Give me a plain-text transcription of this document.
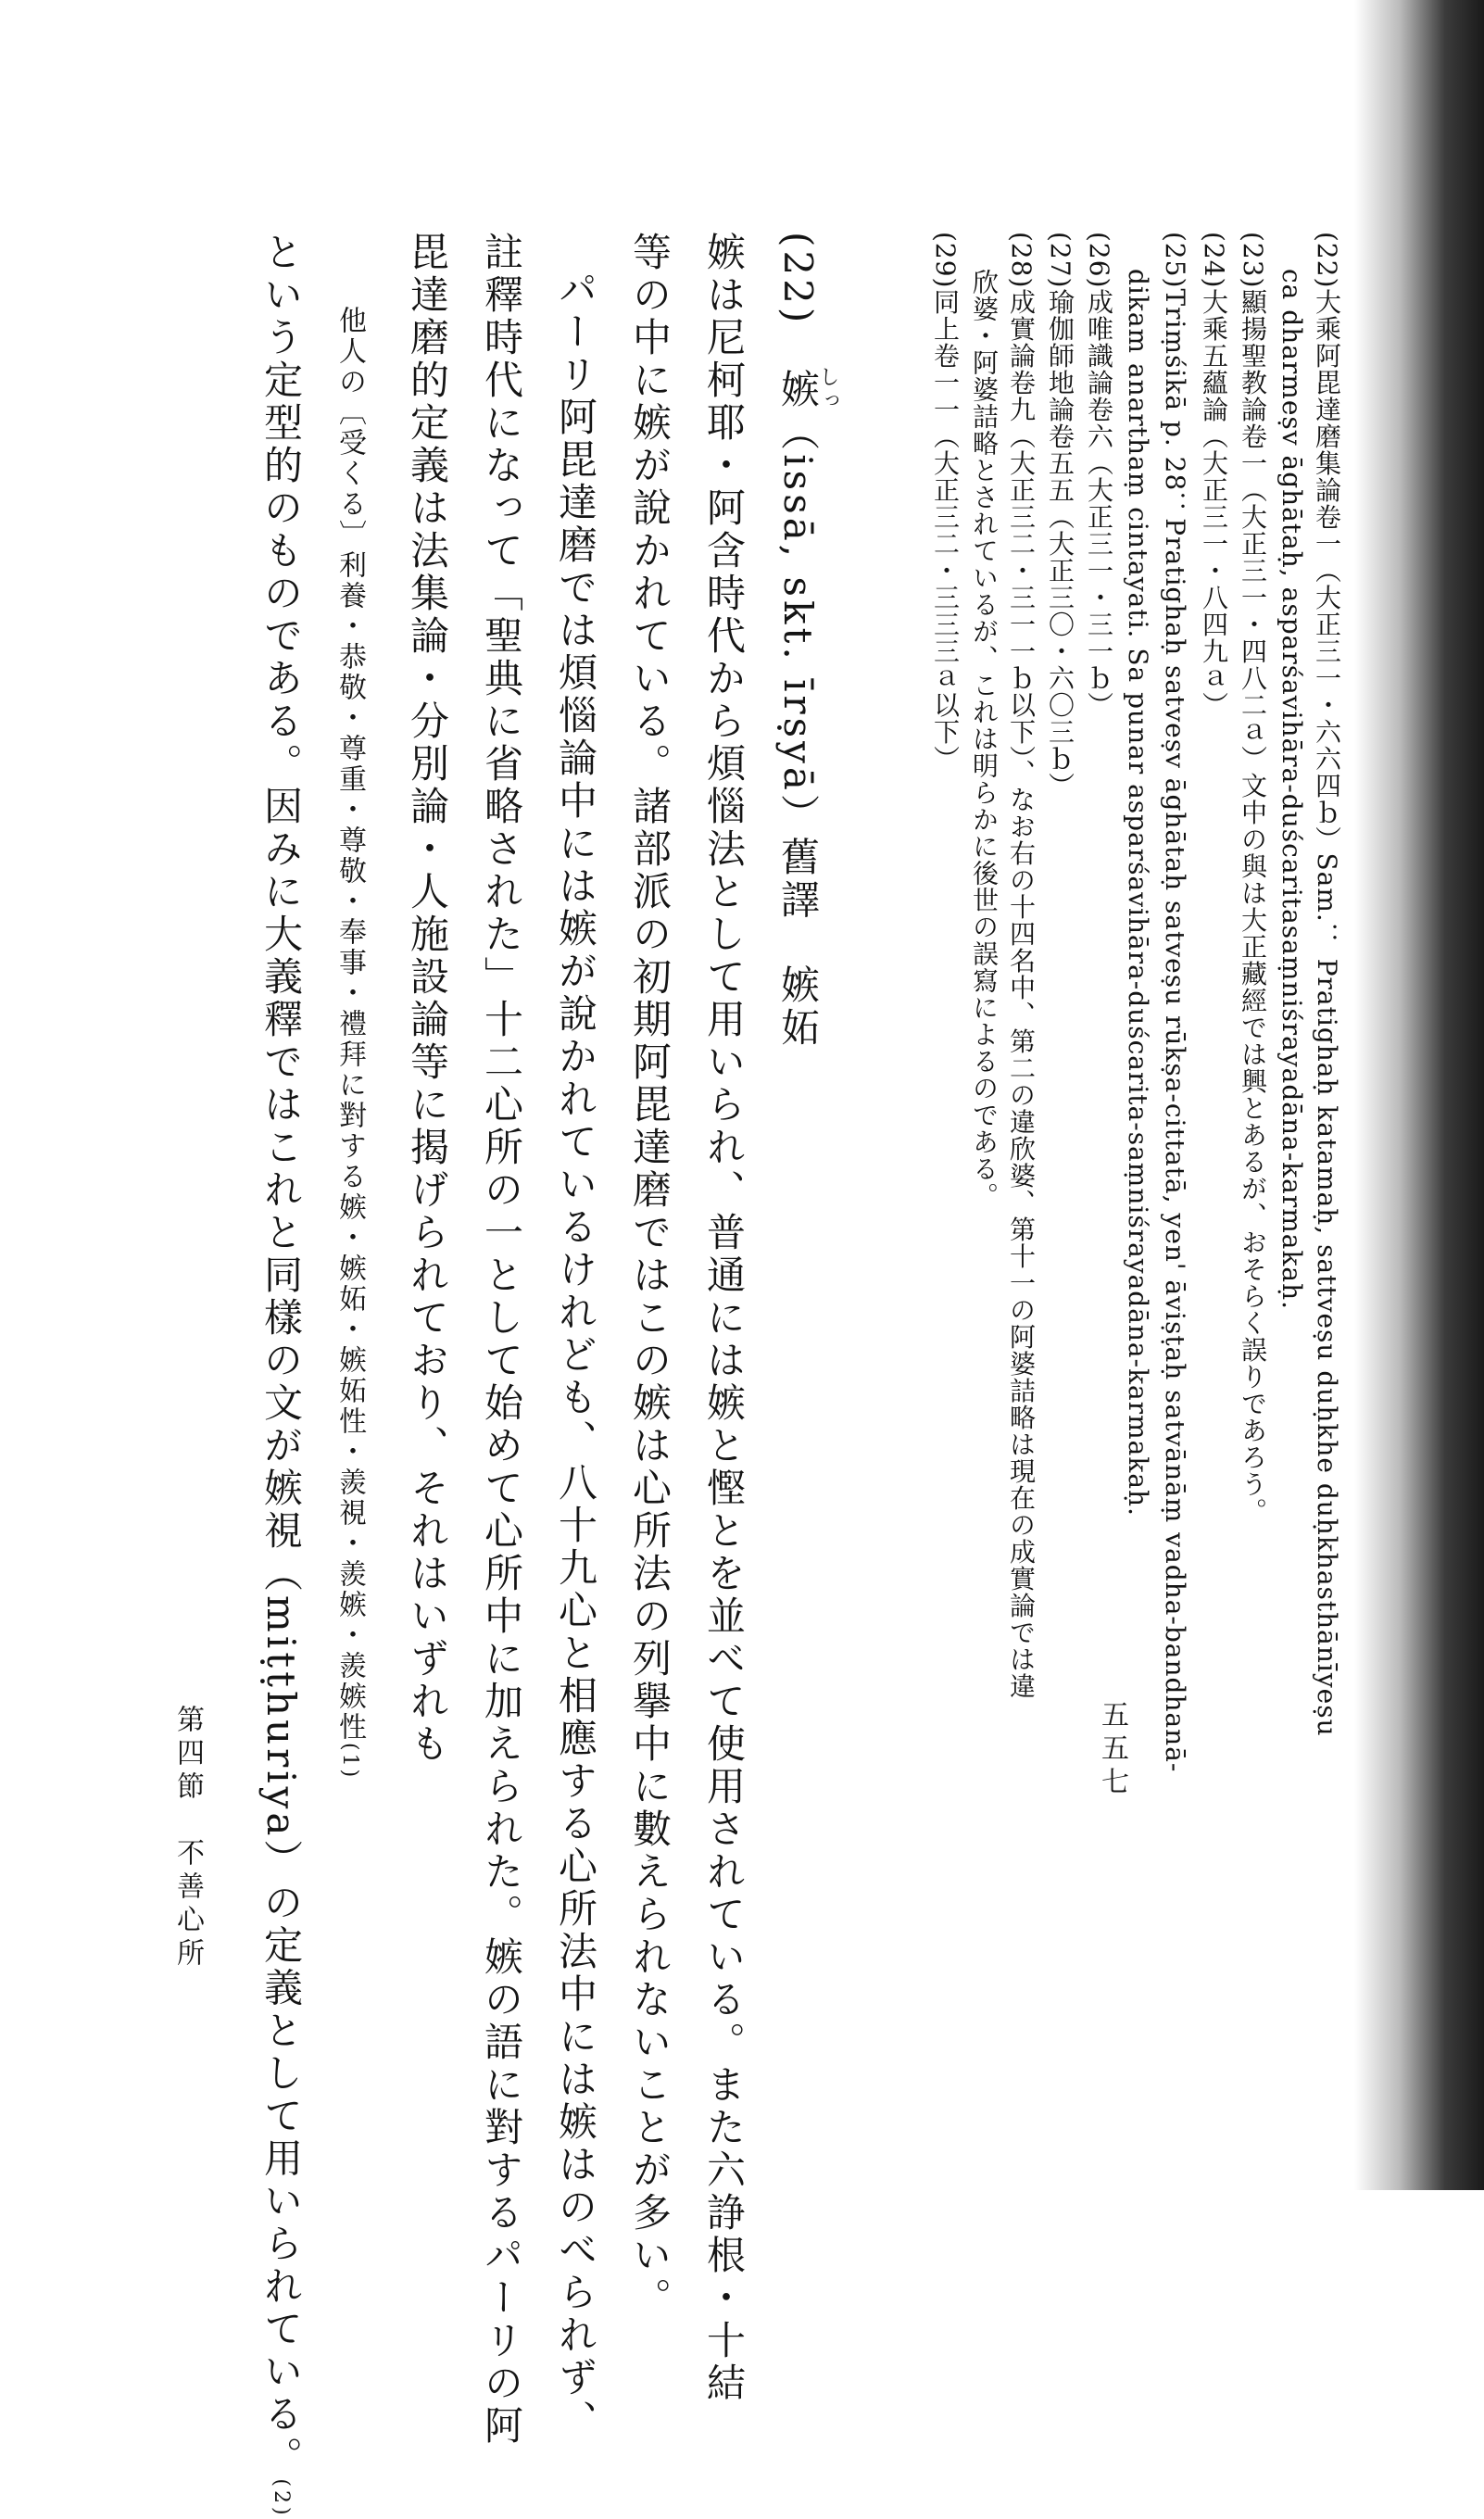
(22)大乘阿毘達磨集論卷一（大正三一・六六四ｂ）Sam.： Pratighaḥ katamaḥ, sattveṣu duḥkhe duḥkhasthānīyeṣu
ca dharmeṣv āghātaḥ, asparśavihāra-duścaritasaṃniśrayadāna-karmakaḥ.
(23)顯揚聖教論卷一（大正三一・四八二ａ）文中の與は大正藏經では興とあるが、おそらく誤りであろう。
(24)大乘五蘊論（大正三一・八四九ａ）
(25)Triṃśikā p. 28：Pratighaḥ satveṣv āghātaḥ satveṣu rūkṣa-cittatā, yen' āviṣṭaḥ satvānāṃ vadha-bandhanā-
dikam anarthaṃ cintayati. Sa punar asparśavihāra-duścarita-saṃniśrayadāna-karmakaḥ.
(26)成唯識論卷六（大正三一・三一ｂ）
(27)瑜伽師地論卷五五（大正三〇・六〇三ｂ）
(28)成實論卷九（大正三二・三一一ｂ以下）、なお右の十四名中、第二の違欣婆、第十一の阿婆詰略は現在の成實論では違
欣婆・阿婆詰略とされているが、これは明らかに後世の誤寫によるのである。
(29)同上卷一一（大正三二・三三三ａ以下）
(22)　嫉しっ（issā, skt. īrṣyā）舊譯　嫉妬
嫉は尼柯耶・阿含時代から煩惱法として用いられ、普通には嫉と慳とを並べて使用されている。また六諍根・十結
等の中に嫉が說かれている。諸部派の初期阿毘達磨ではこの嫉は心所法の列擧中に數えられないことが多い。
パーリ阿毘達磨では煩惱論中には嫉が說かれているけれども、八十九心と相應する心所法中には嫉はのべられず、
註釋時代になって「聖典に省略された」十二心所の一として始めて心所中に加えられた。嫉の語に對するパーリの阿
毘達磨的定義は法集論・分別論・人施設論等に揭げられており、それはいずれも
他人の〔受くる〕利養・恭敬・尊重・尊敬・奉事・禮拜に對する嫉・嫉妬・嫉妬性・羨視・羨嫉・羨嫉性(1)
という定型的のものである。因みに大義釋ではこれと同樣の文が嫉視（miṭṭhuriya）の定義として用いられている。(2)
第四節　不善心所	五五七
